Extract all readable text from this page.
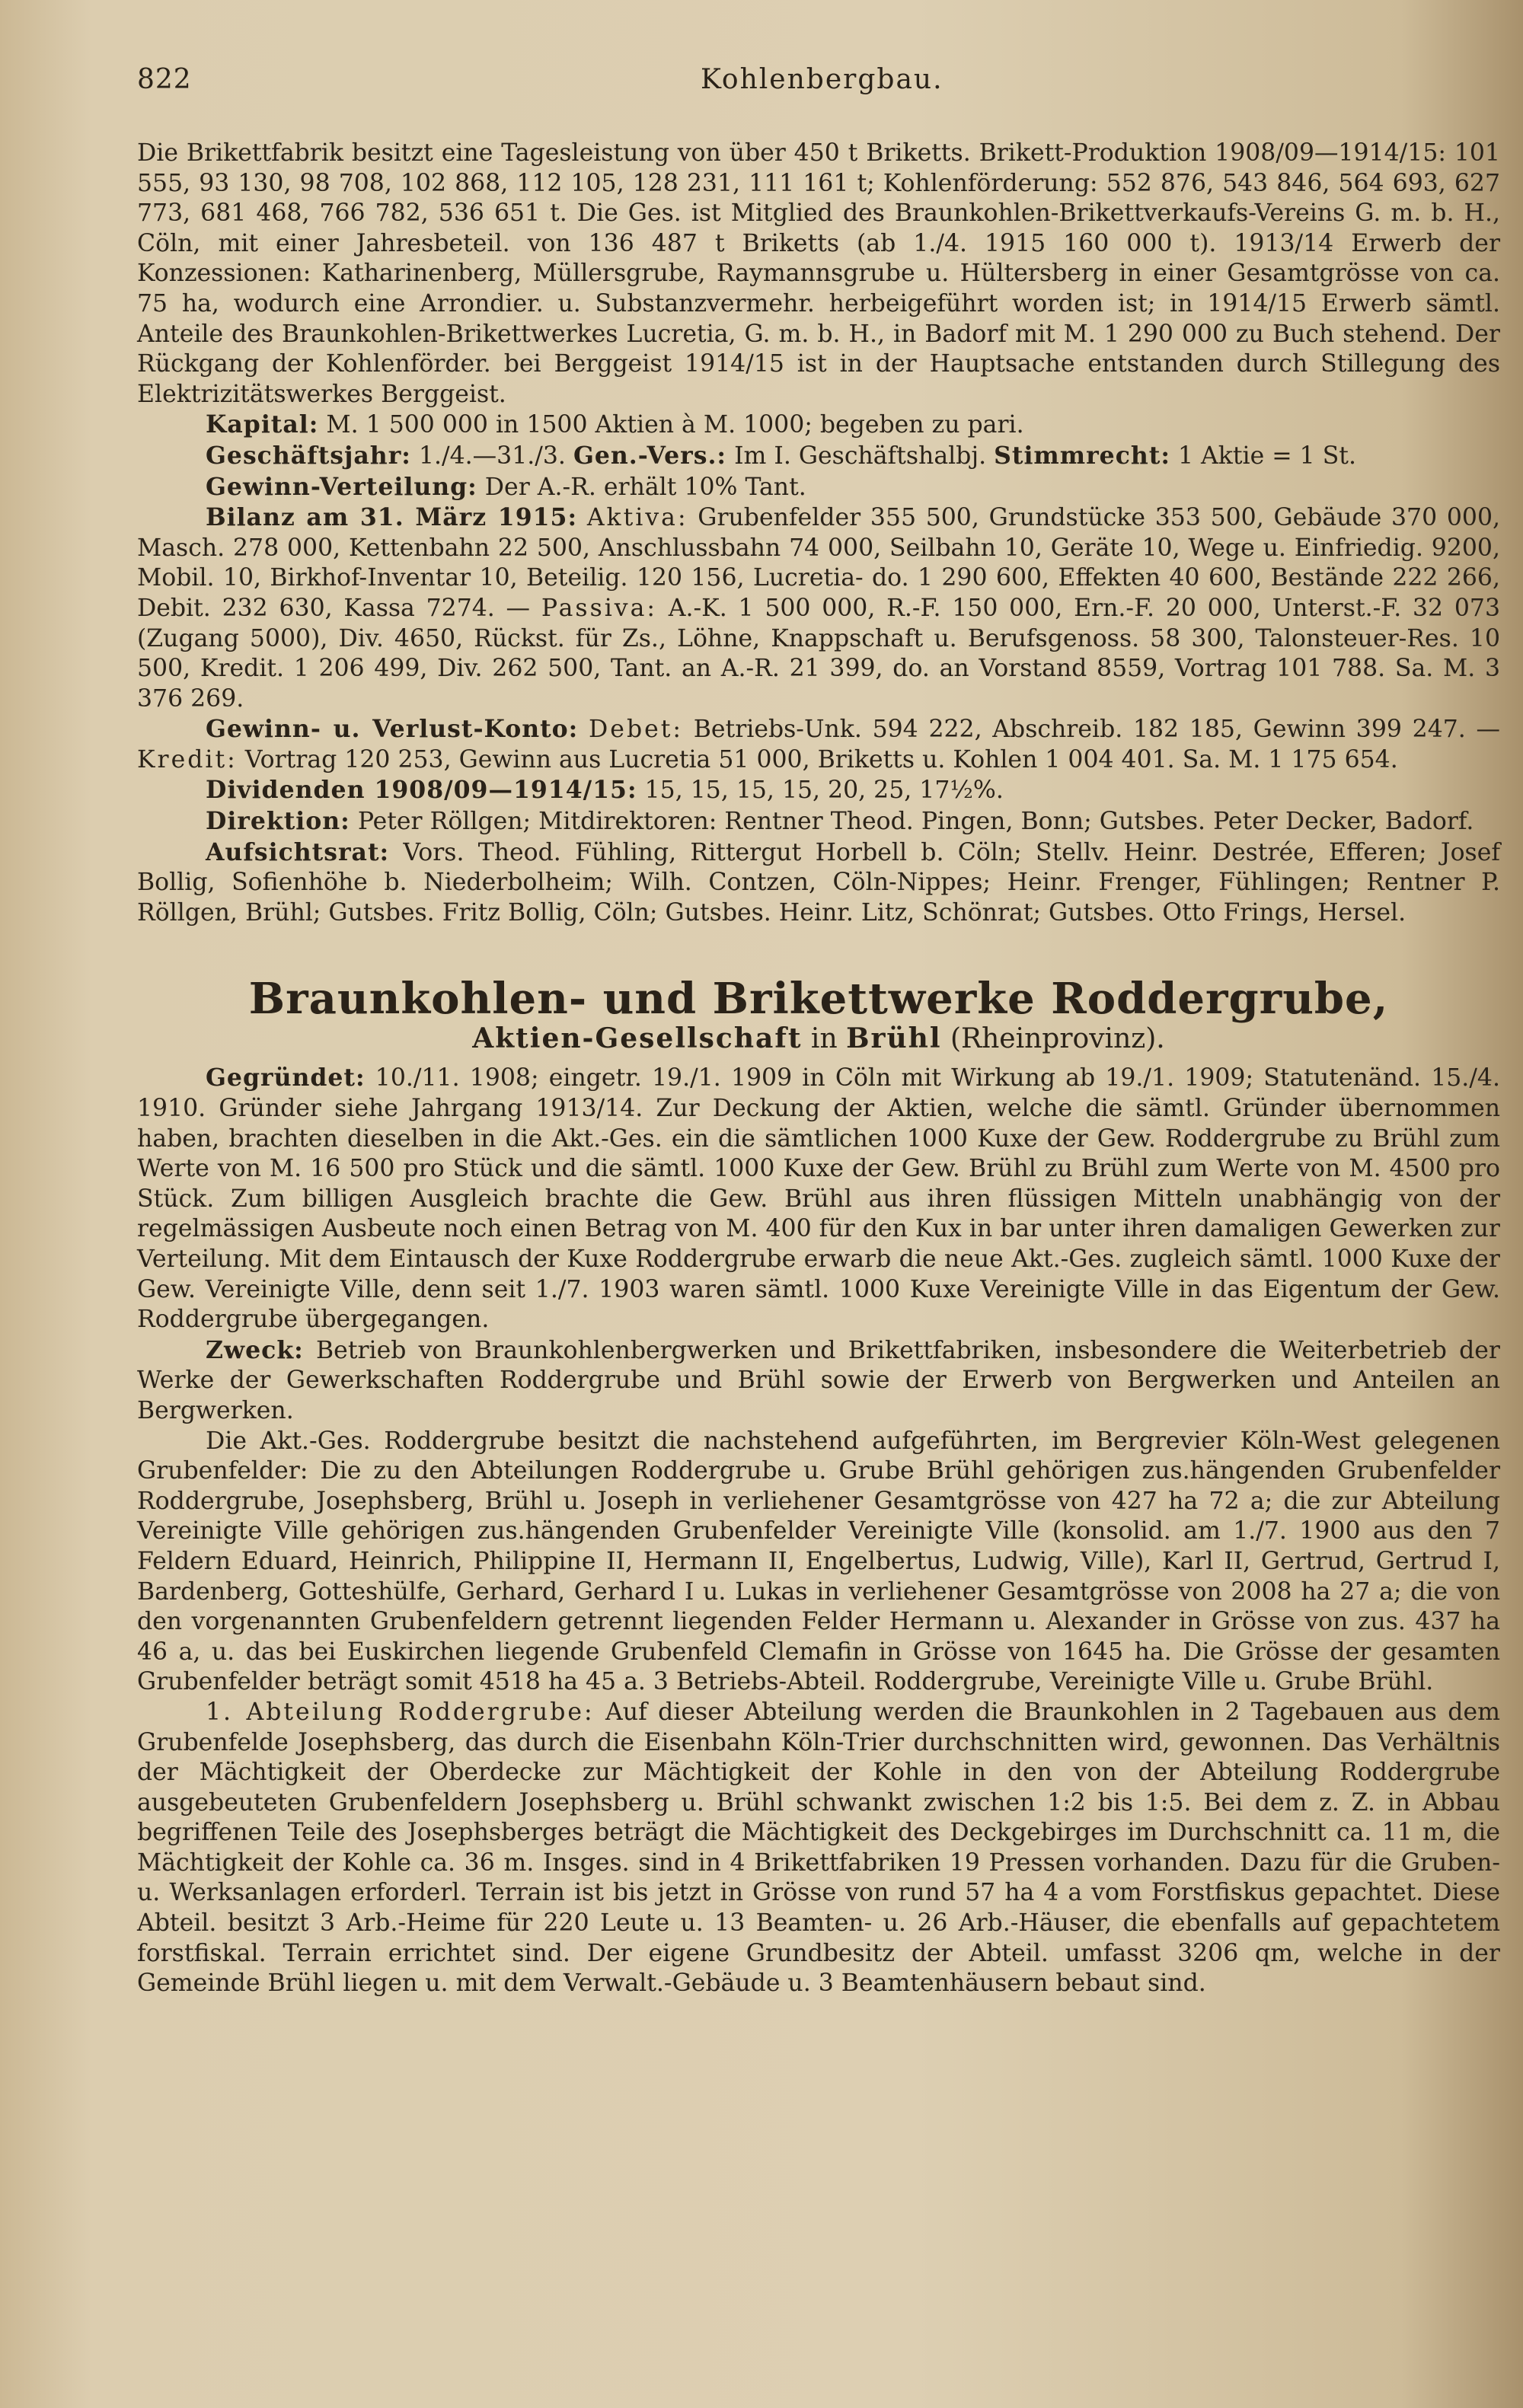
822	Kohlenbergbau.

Die Brikettfabrik besitzt eine Tagesleistung von über 450 t Briketts. Brikett-Produktion 1908/09—1914/15: 101 555, 93 130, 98 708, 102 868, 112 105, 128 231, 111 161 t; Kohlenförderung: 552 876, 543 846, 564 693, 627 773, 681 468, 766 782, 536 651 t. Die Ges. ist Mitglied des Braunkohlen-Brikettverkaufs-Vereins G. m. b. H., Cöln, mit einer Jahresbeteil. von 136 487 t Briketts (ab 1./4. 1915 160 000 t). 1913/14 Erwerb der Konzessionen: Katharinenberg, Müllersgrube, Raymannsgrube u. Hültersberg in einer Gesamtgrösse von ca. 75 ha, wodurch eine Arrondier. u. Substanzvermehr. herbeigeführt worden ist; in 1914/15 Erwerb sämtl. Anteile des Braunkohlen-Brikettwerkes Lucretia, G. m. b. H., in Badorf mit M. 1 290 000 zu Buch stehend. Der Rückgang der Kohlenförder. bei Berggeist 1914/15 ist in der Hauptsache entstanden durch Stillegung des Elektrizitätswerkes Berggeist.

Kapital: M. 1 500 000 in 1500 Aktien à M. 1000; begeben zu pari.

Geschäftsjahr: 1./4.—31./3. Gen.-Vers.: Im I. Geschäftshalbj. Stimmrecht: 1 Aktie = 1 St.

Gewinn-Verteilung: Der A.-R. erhält 10% Tant.

Bilanz am 31. März 1915: Aktiva: Grubenfelder 355 500, Grundstücke 353 500, Gebäude 370 000, Masch. 278 000, Kettenbahn 22 500, Anschlussbahn 74 000, Seilbahn 10, Geräte 10, Wege u. Einfriedig. 9200, Mobil. 10, Birkhof-Inventar 10, Beteilig. 120 156, Lucretia- do. 1 290 600, Effekten 40 600, Bestände 222 266, Debit. 232 630, Kassa 7274. — Passiva: A.-K. 1 500 000, R.-F. 150 000, Ern.-F. 20 000, Unterst.-F. 32 073 (Zugang 5000), Div. 4650, Rückst. für Zs., Löhne, Knappschaft u. Berufsgenoss. 58 300, Talonsteuer-Res. 10 500, Kredit. 1 206 499, Div. 262 500, Tant. an A.-R. 21 399, do. an Vorstand 8559, Vortrag 101 788. Sa. M. 3 376 269.

Gewinn- u. Verlust-Konto: Debet: Betriebs-Unk. 594 222, Abschreib. 182 185, Gewinn 399 247. — Kredit: Vortrag 120 253, Gewinn aus Lucretia 51 000, Briketts u. Kohlen 1 004 401. Sa. M. 1 175 654.

Dividenden 1908/09—1914/15: 15, 15, 15, 15, 20, 25, 17½%.

Direktion: Peter Röllgen; Mitdirektoren: Rentner Theod. Pingen, Bonn; Gutsbes. Peter Decker, Badorf.

Aufsichtsrat: Vors. Theod. Fühling, Rittergut Horbell b. Cöln; Stellv. Heinr. Destrée, Efferen; Josef Bollig, Sofienhöhe b. Niederbolheim; Wilh. Contzen, Cöln-Nippes; Heinr. Frenger, Fühlingen; Rentner P. Röllgen, Brühl; Gutsbes. Fritz Bollig, Cöln; Gutsbes. Heinr. Litz, Schönrat; Gutsbes. Otto Frings, Hersel.

Braunkohlen- und Brikettwerke Roddergrube,
Aktien-Gesellschaft in Brühl (Rheinprovinz).

Gegründet: 10./11. 1908; eingetr. 19./1. 1909 in Cöln mit Wirkung ab 19./1. 1909; Statutenänd. 15./4. 1910. Gründer siehe Jahrgang 1913/14. Zur Deckung der Aktien, welche die sämtl. Gründer übernommen haben, brachten dieselben in die Akt.-Ges. ein die sämtlichen 1000 Kuxe der Gew. Roddergrube zu Brühl zum Werte von M. 16 500 pro Stück und die sämtl. 1000 Kuxe der Gew. Brühl zu Brühl zum Werte von M. 4500 pro Stück. Zum billigen Ausgleich brachte die Gew. Brühl aus ihren flüssigen Mitteln unabhängig von der regelmässigen Ausbeute noch einen Betrag von M. 400 für den Kux in bar unter ihren damaligen Gewerken zur Verteilung. Mit dem Eintausch der Kuxe Roddergrube erwarb die neue Akt.-Ges. zugleich sämtl. 1000 Kuxe der Gew. Vereinigte Ville, denn seit 1./7. 1903 waren sämtl. 1000 Kuxe Vereinigte Ville in das Eigentum der Gew. Roddergrube übergegangen.

Zweck: Betrieb von Braunkohlenbergwerken und Brikettfabriken, insbesondere die Weiterbetrieb der Werke der Gewerkschaften Roddergrube und Brühl sowie der Erwerb von Bergwerken und Anteilen an Bergwerken.

Die Akt.-Ges. Roddergrube besitzt die nachstehend aufgeführten, im Bergrevier Köln-West gelegenen Grubenfelder: Die zu den Abteilungen Roddergrube u. Grube Brühl gehörigen zus.hängenden Grubenfelder Roddergrube, Josephsberg, Brühl u. Joseph in verliehener Gesamtgrösse von 427 ha 72 a; die zur Abteilung Vereinigte Ville gehörigen zus.hängenden Grubenfelder Vereinigte Ville (konsolid. am 1./7. 1900 aus den 7 Feldern Eduard, Heinrich, Philippine II, Hermann II, Engelbertus, Ludwig, Ville), Karl II, Gertrud, Gertrud I, Bardenberg, Gotteshülfe, Gerhard, Gerhard I u. Lukas in verliehener Gesamtgrösse von 2008 ha 27 a; die von den vorgenannten Grubenfeldern getrennt liegenden Felder Hermann u. Alexander in Grösse von zus. 437 ha 46 a, u. das bei Euskirchen liegende Grubenfeld Clemafin in Grösse von 1645 ha. Die Grösse der gesamten Grubenfelder beträgt somit 4518 ha 45 a. 3 Betriebs-Abteil. Roddergrube, Vereinigte Ville u. Grube Brühl.

1. Abteilung Roddergrube: Auf dieser Abteilung werden die Braunkohlen in 2 Tagebauen aus dem Grubenfelde Josephsberg, das durch die Eisenbahn Köln-Trier durchschnitten wird, gewonnen. Das Verhältnis der Mächtigkeit der Oberdecke zur Mächtigkeit der Kohle in den von der Abteilung Roddergrube ausgebeuteten Grubenfeldern Josephsberg u. Brühl schwankt zwischen 1:2 bis 1:5. Bei dem z. Z. in Abbau begriffenen Teile des Josephsberges beträgt die Mächtigkeit des Deckgebirges im Durchschnitt ca. 11 m, die Mächtigkeit der Kohle ca. 36 m. Insges. sind in 4 Brikettfabriken 19 Pressen vorhanden. Dazu für die Gruben- u. Werksanlagen erforderl. Terrain ist bis jetzt in Grösse von rund 57 ha 4 a vom Forstfiskus gepachtet. Diese Abteil. besitzt 3 Arb.-Heime für 220 Leute u. 13 Beamten- u. 26 Arb.-Häuser, die ebenfalls auf gepachtetem forstfiskal. Terrain errichtet sind. Der eigene Grundbesitz der Abteil. umfasst 3206 qm, welche in der Gemeinde Brühl liegen u. mit dem Verwalt.-Gebäude u. 3 Beamtenhäusern bebaut sind.
